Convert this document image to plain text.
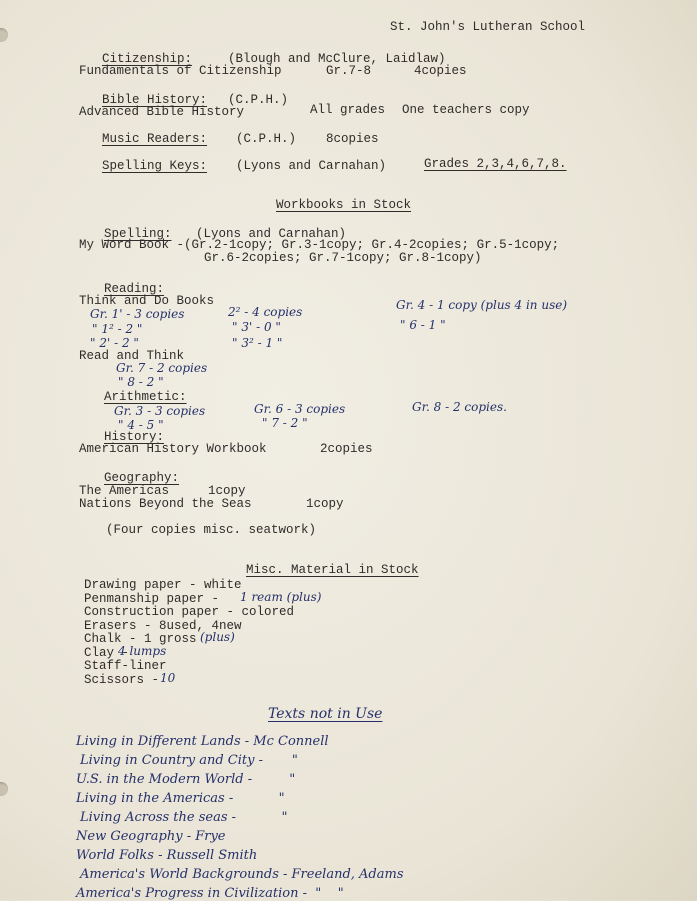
St. John's Lutheran School
Citizenship:	(Blough and McClure, Laidlaw)
Fundamentals of Citizenship	Gr.7-8	4copies
Bible History: (C.P.H.)
Advanced Bible History	All grades One teachers copy
Music Readers: (C.P.H.) 8copies
Spelling Keys: (Lyons and Carnahan)	Grades 2,3,4,6,7,8.
Workbooks in Stock
Spelling: (Lyons and Carnahan)
My Word Book -(Gr.2-1copy; Gr.3-1copy; Gr.4-2copies; Gr.5-1copy;
Gr.6-2copies; Gr.7-1copy; Gr.8-1copy)
Reading:
Think and Do Books
Gr. 1' - 3 copies	2² - 4 copies	Gr. 4 - 1 copy (plus 4 in use)
" 1² - 2 "	" 3' - 0 "	" 6 - 1 "
" 2' - 2 "	" 3² - 1 "
Read and Think
Gr. 7 - 2 copies
" 8 - 2 "
Arithmetic:
Gr. 3 - 3 copies	Gr. 6 - 3 copies	Gr. 8 - 2 copies.
" 4 - 5 "	" 7 - 2 "
History:
American History Workbook	2copies
Geography:
The Americas	1copy
Nations Beyond the Seas	1copy
(Four copies misc. seatwork)
Misc. Material in Stock
Drawing paper - white
Penmanship paper - 1 ream (plus)
Construction paper - colored
Erasers - 8used, 4new
Chalk - 1 gross (plus)
Clay -
4 lumps
Staff-liner
Scissors - 10
Texts not in Use
Living in Different Lands - Mc Connell
Living in Country and City -       "
U.S. in the Modern World -         "
Living in the Americas -           "
Living Across the seas -           "
New Geography - Frye
World Folks - Russell Smith
America's World Backgrounds - Freeland, Adams
America's Progress in Civilization -  "    "
